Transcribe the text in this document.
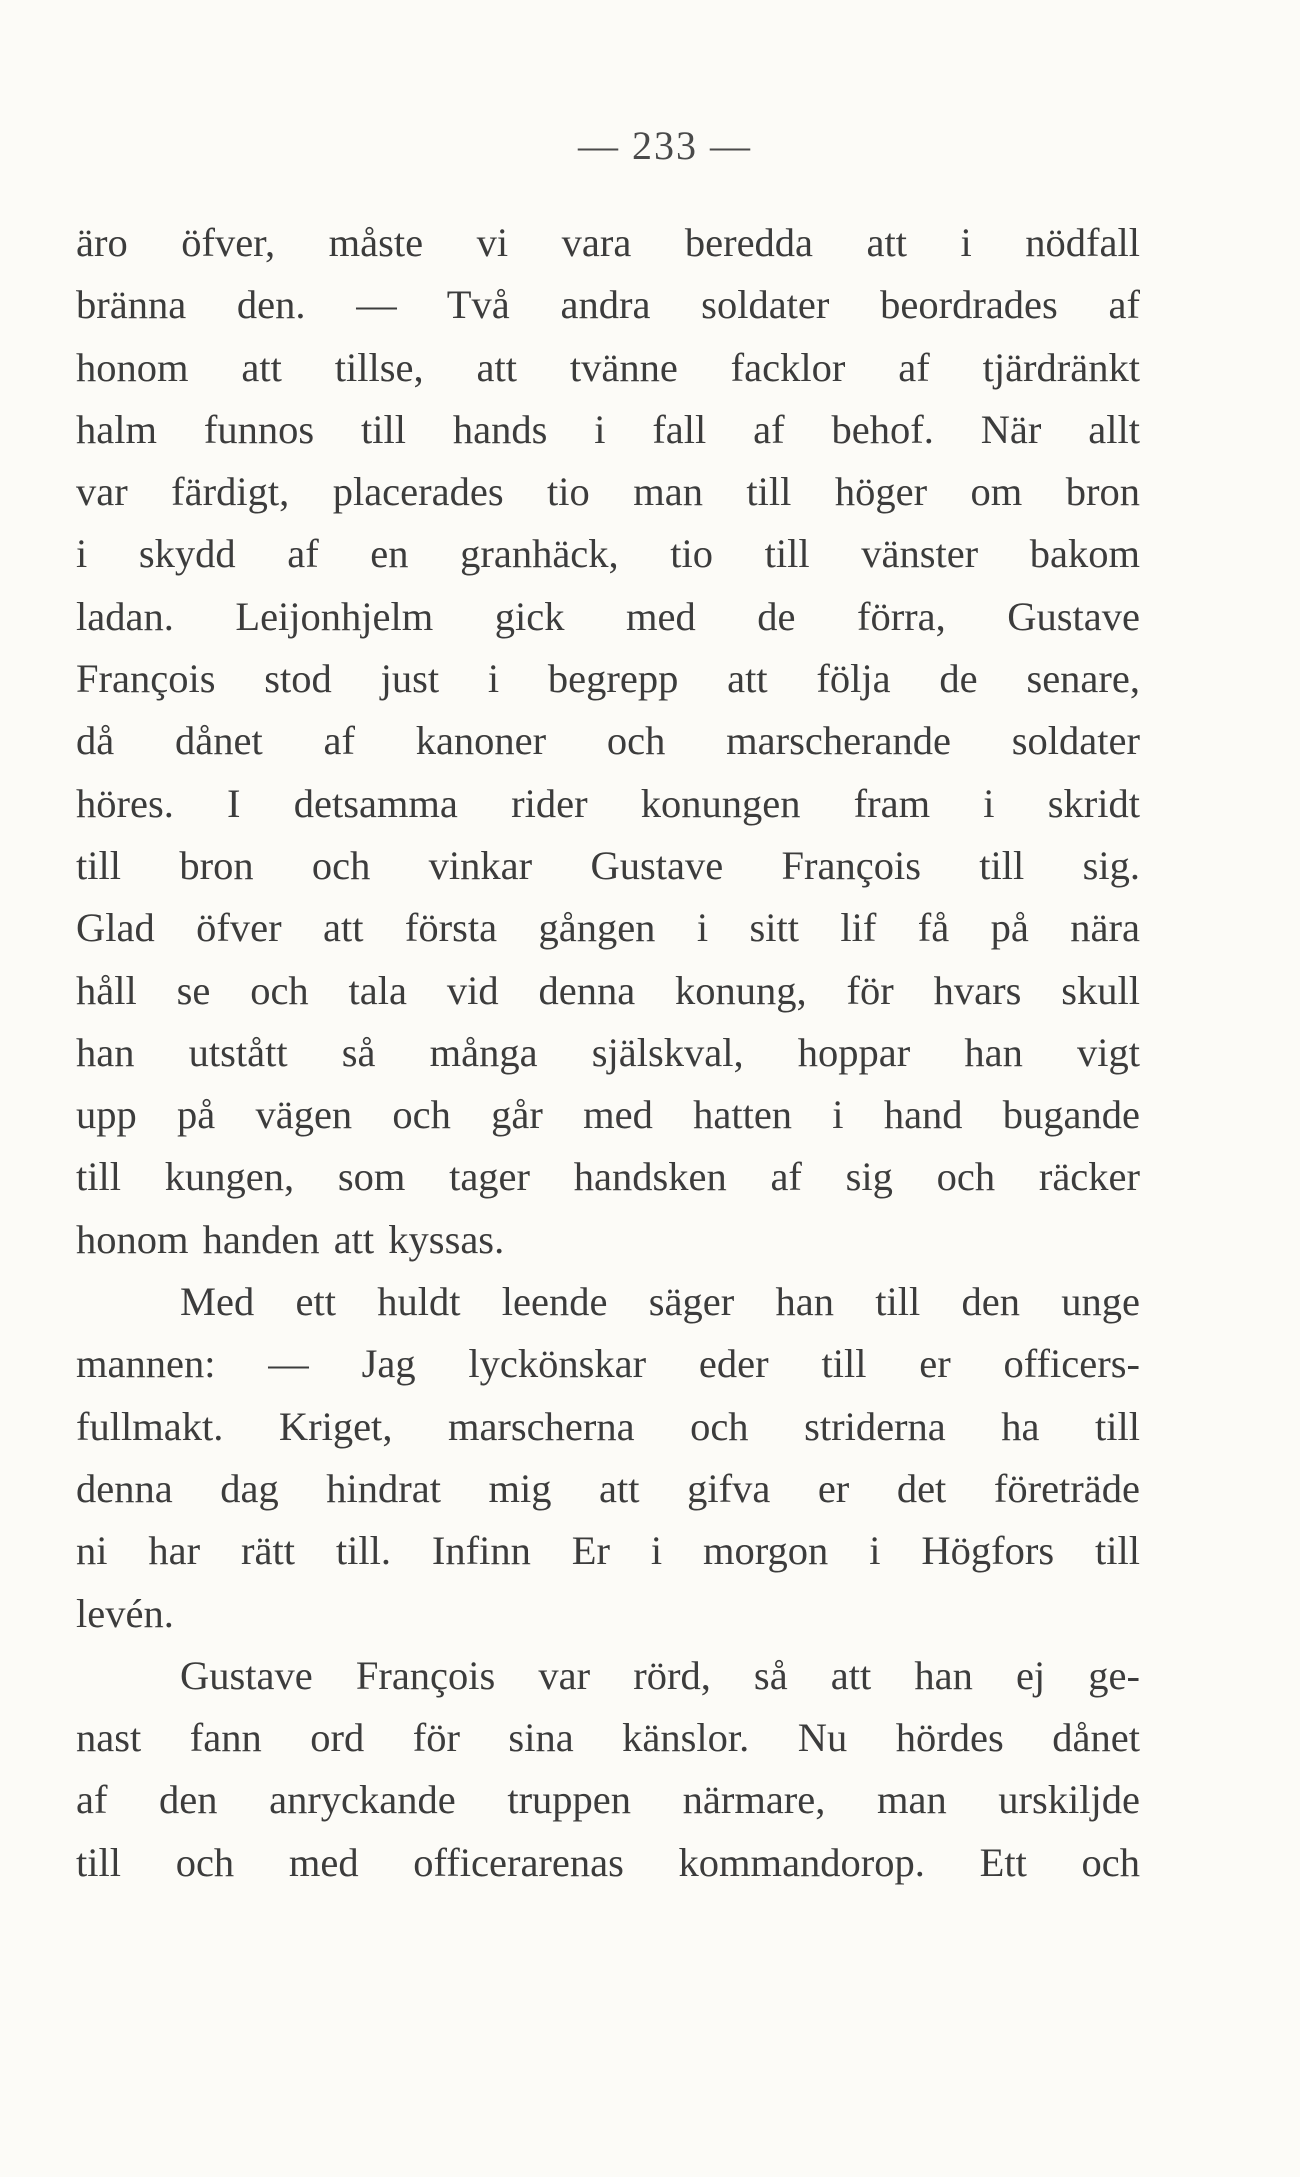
— 233 —
äro öfver, måste vi vara beredda att i nödfall
bränna den. — Två andra soldater beordrades af
honom att tillse, att tvänne facklor af tjärdränkt
halm funnos till hands i fall af behof. När allt
var färdigt, placerades tio man till höger om bron
i skydd af en granhäck, tio till vänster bakom
ladan. Leijonhjelm gick med de förra, Gustave
François stod just i begrepp att följa de senare,
då dånet af kanoner och marscherande soldater
höres. I detsamma rider konungen fram i skridt
till bron och vinkar Gustave François till sig.
Glad öfver att första gången i sitt lif få på nära
håll se och tala vid denna konung, för hvars skull
han utstått så många själskval, hoppar han vigt
upp på vägen och går med hatten i hand bugande
till kungen, som tager handsken af sig och räcker
honom handen att kyssas.
Med ett huldt leende säger han till den unge
mannen: — Jag lyckönskar eder till er officers-
fullmakt. Kriget, marscherna och striderna ha till
denna dag hindrat mig att gifva er det företräde
ni har rätt till. Infinn Er i morgon i Högfors till
levén.
Gustave François var rörd, så att han ej ge-
nast fann ord för sina känslor. Nu hördes dånet
af den anryckande truppen närmare, man urskiljde
till och med officerarenas kommandorop. Ett och
